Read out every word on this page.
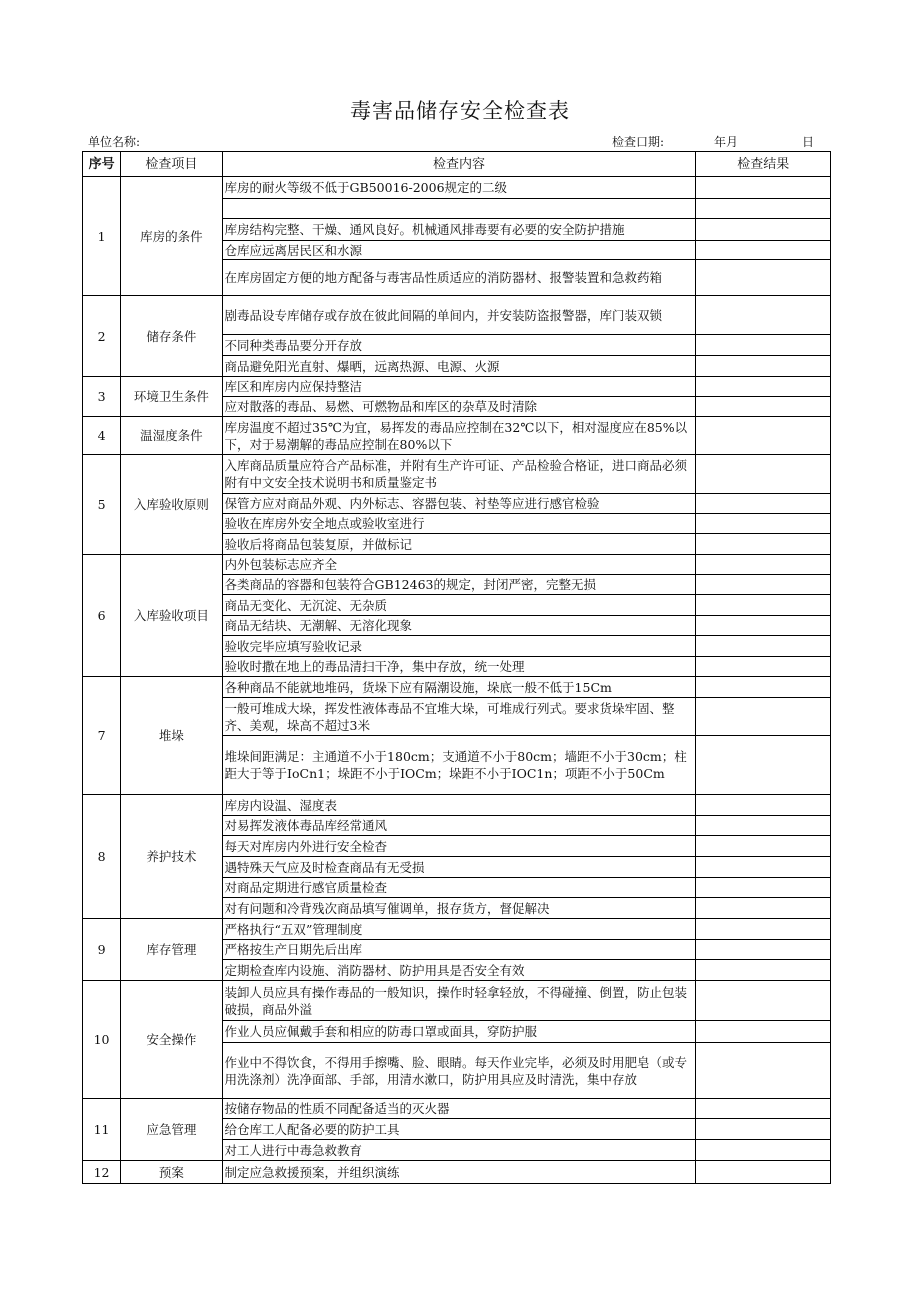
毒害品储存安全检查表
单位名称:	检查口期:	年月	日
序号	检查项目	检查内容	检查结果
1	库房的条件	库房的耐火等级不低于GB50016-2006规定的二级	

		库房结构完整、干燥、通风良好。机械通风排毒要有必要的安全防护措施	
		仓库应远离居民区和水源	
		在库房固定方便的地方配备与毒害品性质适应的消防器材、报警装置和急救药箱	
2	储存条件	剧毒品设专库储存或存放在彼此间隔的单间内，并安装防盗报警器，库门装双锁	
		不同种类毒品要分开存放	
		商品避免阳光直射、爆晒，远离热源、电源、火源	
3	环境卫生条件	库区和库房内应保持整洁	
		应对散落的毒品、易燃、可燃物品和库区的杂草及时清除	
4	温湿度条件	库房温度不超过35℃为宜，易挥发的毒品应控制在32℃以下，相对湿度应在85%以下，对于易潮解的毒品应控制在80%以下	
5	入库验收原则	入库商品质量应符合产品标准，并附有生产许可证、产品检验合格证，进口商品必须附有中文安全技术说明书和质量鉴定书	
		保管方应对商品外观、内外标志、容器包装、衬垫等应进行感官检验	
		验收在库房外安全地点或验收室进行	
		验收后将商品包装复原，并做标记	
6	入库验收项目	内外包装标志应齐全	
		各类商品的容器和包装符合GB12463的规定，封闭严密，完整无损	
		商品无变化、无沉淀、无杂质	
		商品无结块、无潮解、无溶化现象	
		验收完毕应填写验收记录	
		验收时撒在地上的毒品清扫干净，集中存放，统一处理	
7	堆垛	各种商品不能就地堆码，货垛下应有隔潮设施，垛底一般不低于15Cm	
		一般可堆成大垛，挥发性液体毒品不宜堆大垛，可堆成行列式。要求货垛牢固、整齐、美观，垛高不超过3米	
		堆垛间距满足：主通道不小于180cm；支通道不小于80cm；墙距不小于30cm；柱距大于等于IoCn1；垛距不小于IOCm；垛距不小于IOC1n；项距不小于50Cm	
8	养护技术	库房内设温、湿度表	
		对易挥发液体毒品库经常通风	
		每天对库房内外进行安全检杳	
		遇特殊天气应及时检查商品有无受损	
		对商品定期进行感官质量检查	
		对有问题和冷背残次商品填写催调单，报存货方，督促解决	
9	库存管理	严格执行“五双”管理制度	
		严格按生产日期先后出库	
		定期检查库内设施、消防器材、防护用具是否安全有效	
10	安全操作	装卸人员应具有操作毒品的一般知识，操作时轻拿轻放，不得碰撞、倒置，防止包装破损，商品外溢	
		作业人员应佩戴手套和相应的防毒口罩或面具，穿防护服	
		作业中不得饮食，不得用手擦嘴、脸、眼睛。每天作业完毕，必须及时用肥皂（或专用洗涤剂）洗净面部、手部，用清水漱口，防护用具应及时清洗，集中存放	
11	应急管理	按储存物品的性质不同配备适当的灭火器	
		给仓库工人配备必要的防护工具	
		对工人进行中毒急救教育	
12	预案	制定应急救援预案，并组织演练	
